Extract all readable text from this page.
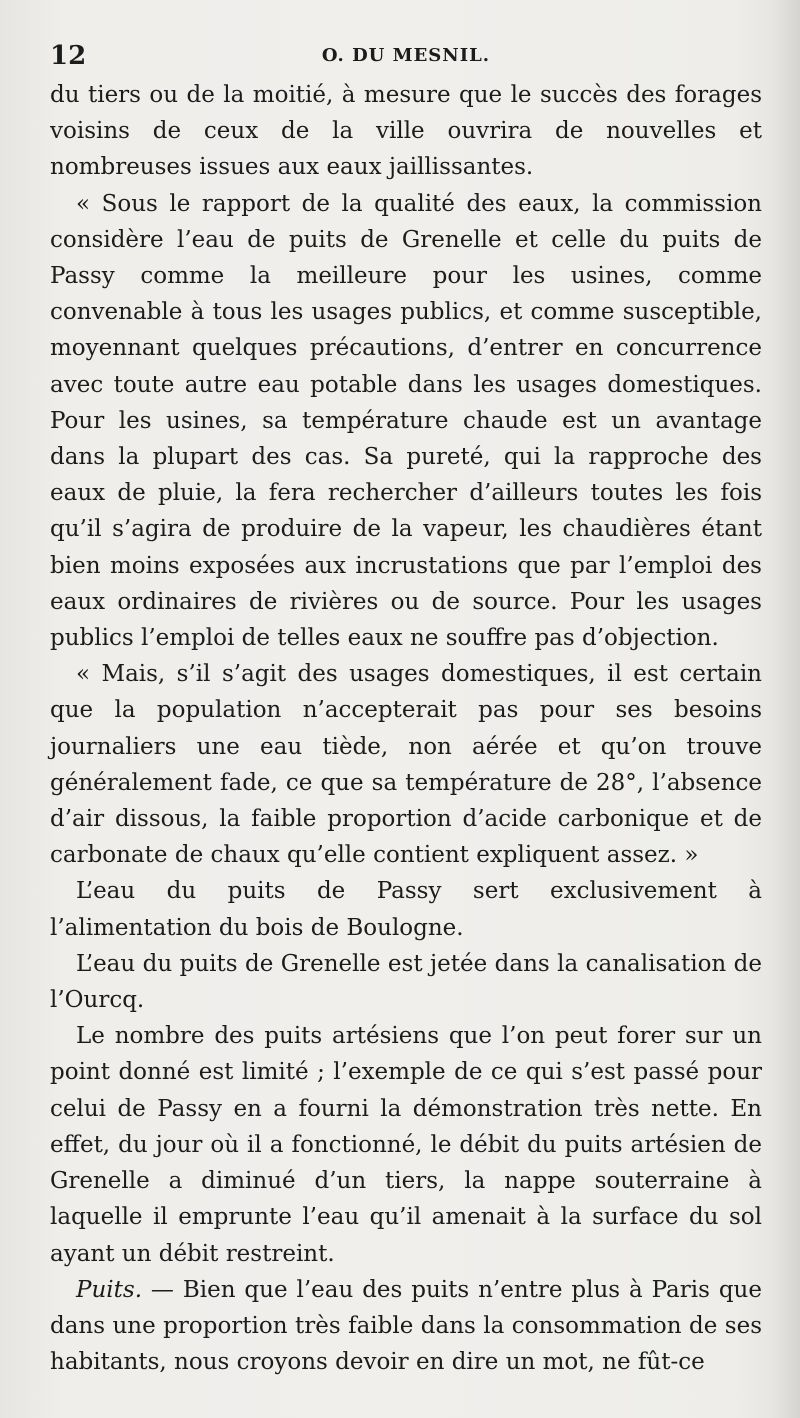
12	O. DU MESNIL.

du tiers ou de la moitié, à mesure que le succès des forages voisins de ceux de la ville ouvrira de nouvelles et nombreuses issues aux eaux jaillissantes.

« Sous le rapport de la qualité des eaux, la commission considère l’eau de puits de Grenelle et celle du puits de Passy comme la meilleure pour les usines, comme convenable à tous les usages publics, et comme susceptible, moyennant quelques précautions, d’entrer en concurrence avec toute autre eau potable dans les usages domestiques. Pour les usines, sa température chaude est un avantage dans la plupart des cas. Sa pureté, qui la rapproche des eaux de pluie, la fera rechercher d’ailleurs toutes les fois qu’il s’agira de produire de la vapeur, les chaudières étant bien moins exposées aux incrustations que par l’emploi des eaux ordinaires de rivières ou de source. Pour les usages publics l’emploi de telles eaux ne souffre pas d’objection.

« Mais, s’il s’agit des usages domestiques, il est certain que la population n’accepterait pas pour ses besoins journaliers une eau tiède, non aérée et qu’on trouve généralement fade, ce que sa température de 28°, l’absence d’air dissous, la faible proportion d’acide carbonique et de carbonate de chaux qu’elle contient expliquent assez. »

L’eau du puits de Passy sert exclusivement à l’alimentation du bois de Boulogne.

L’eau du puits de Grenelle est jetée dans la canalisation de l’Ourcq.

Le nombre des puits artésiens que l’on peut forer sur un point donné est limité ; l’exemple de ce qui s’est passé pour celui de Passy en a fourni la démonstration très nette. En effet, du jour où il a fonctionné, le débit du puits artésien de Grenelle a diminué d’un tiers, la nappe souterraine à laquelle il emprunte l’eau qu’il amenait à la surface du sol ayant un débit restreint.

Puits. — Bien que l’eau des puits n’entre plus à Paris que dans une proportion très faible dans la consommation de ses habitants, nous croyons devoir en dire un mot, ne fût-ce
